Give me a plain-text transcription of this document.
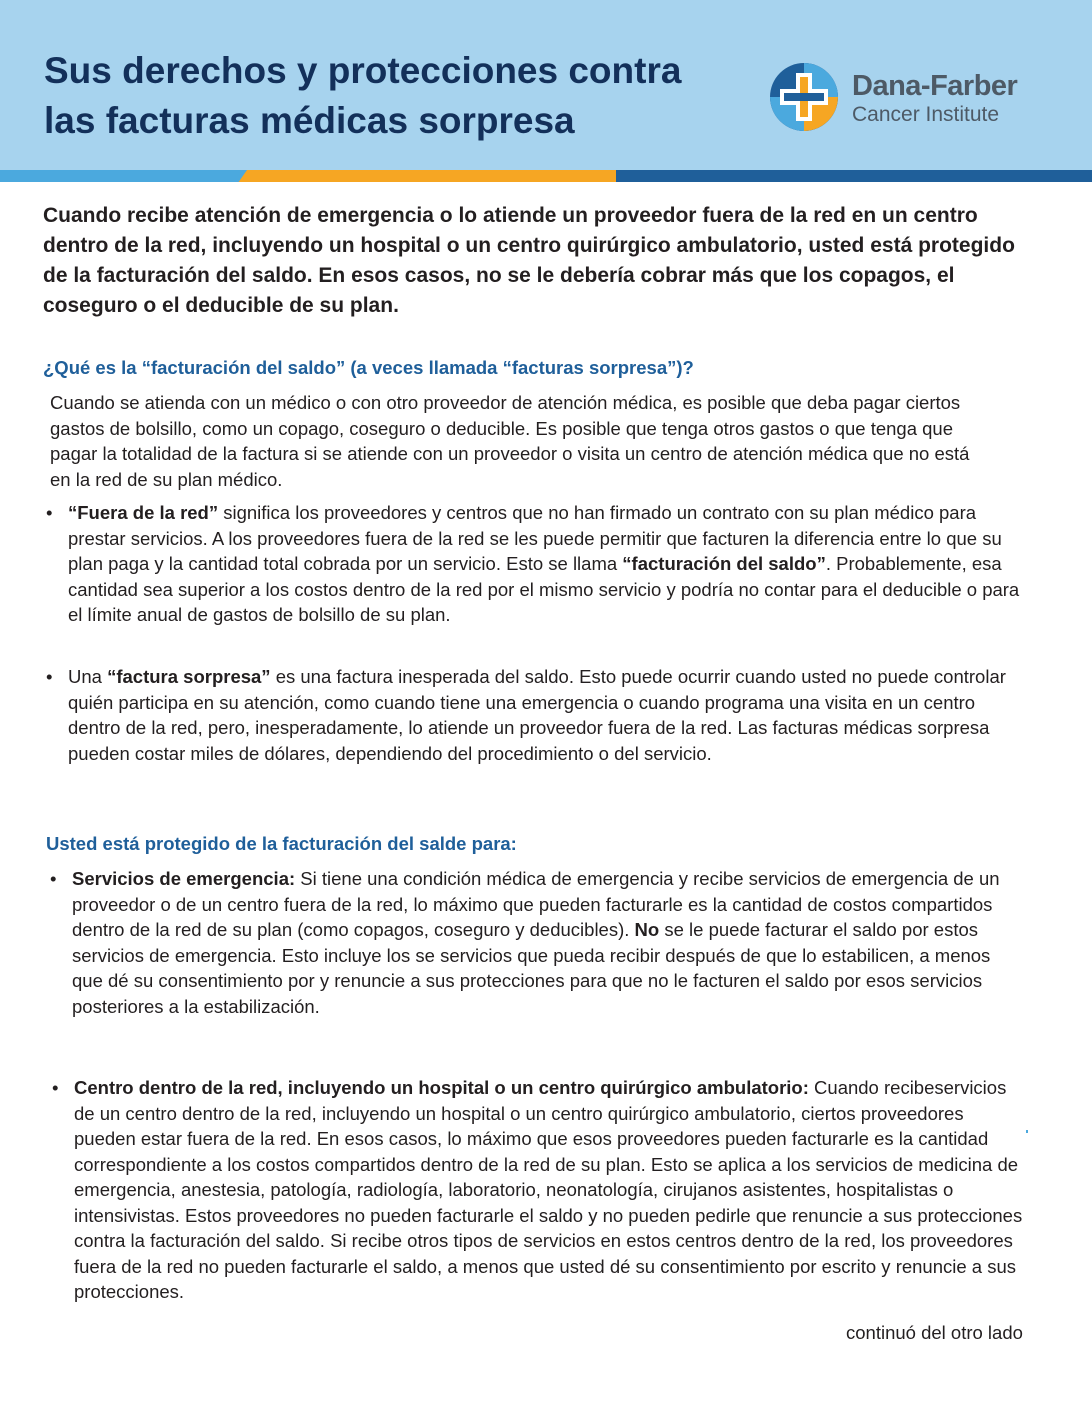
Sus derechos y protecciones contra
las facturas médicas sorpresa
Dana-Farber
Cancer Institute

Cuando recibe atención de emergencia o lo atiende un proveedor fuera de la red en un centro dentro de la red, incluyendo un hospital o un centro quirúrgico ambulatorio, usted está protegido de la facturación del saldo. En esos casos, no se le debería cobrar más que los copagos, el coseguro o el deducible de su plan.

¿Qué es la “facturación del saldo” (a veces llamada “facturas sorpresa”)?

Cuando se atienda con un médico o con otro proveedor de atención médica, es posible que deba pagar ciertos gastos de bolsillo, como un copago, coseguro o deducible. Es posible que tenga otros gastos o que tenga que pagar la totalidad de la factura si se atiende con un proveedor o visita un centro de atención médica que no está en la red de su plan médico.

• “Fuera de la red” significa los proveedores y centros que no han firmado un contrato con su plan médico para prestar servicios. A los proveedores fuera de la red se les puede permitir que facturen la diferencia entre lo que su plan paga y la cantidad total cobrada por un servicio. Esto se llama “facturación del saldo”. Probablemente, esa cantidad sea superior a los costos dentro de la red por el mismo servicio y podría no contar para el deducible o para el límite anual de gastos de bolsillo de su plan.
• Una “factura sorpresa” es una factura inesperada del saldo. Esto puede ocurrir cuando usted no puede controlar quién participa en su atención, como cuando tiene una emergencia o cuando programa una visita en un centro dentro de la red, pero, inesperadamente, lo atiende un proveedor fuera de la red. Las facturas médicas sorpresa pueden costar miles de dólares, dependiendo del procedimiento o del servicio.
Usted está protegido de la facturación del salde para:
• Servicios de emergencia: Si tiene una condición médica de emergencia y recibe servicios de emergencia de un proveedor o de un centro fuera de la red, lo máximo que pueden facturarle es la cantidad de costos compartidos dentro de la red de su plan (como copagos, coseguro y deducibles). No se le puede facturar el saldo por estos servicios de emergencia. Esto incluye los se servicios que pueda recibir después de que lo estabilicen, a menos que dé su consentimiento por y renuncie a sus protecciones para que no le facturen el saldo por esos servicios posteriores a la estabilización.
• Centro dentro de la red, incluyendo un hospital o un centro quirúrgico ambulatorio: Cuando recibeservicios de un centro dentro de la red, incluyendo un hospital o un centro quirúrgico ambulatorio, ciertos proveedores pueden estar fuera de la red. En esos casos, lo máximo que esos proveedores pueden facturarle es la cantidad correspondiente a los costos compartidos dentro de la red de su plan. Esto se aplica a los servicios de medicina de emergencia, anestesia, patología, radiología, laboratorio, neonatología, cirujanos asistentes, hospitalistas o intensivistas. Estos proveedores no pueden facturarle el saldo y no pueden pedirle que renuncie a sus protecciones contra la facturación del saldo. Si recibe otros tipos de servicios en estos centros dentro de la red, los proveedores fuera de la red no pueden facturarle el saldo, a menos que usted dé su consentimiento por escrito y renuncie a sus protecciones.

continuó del otro lado
